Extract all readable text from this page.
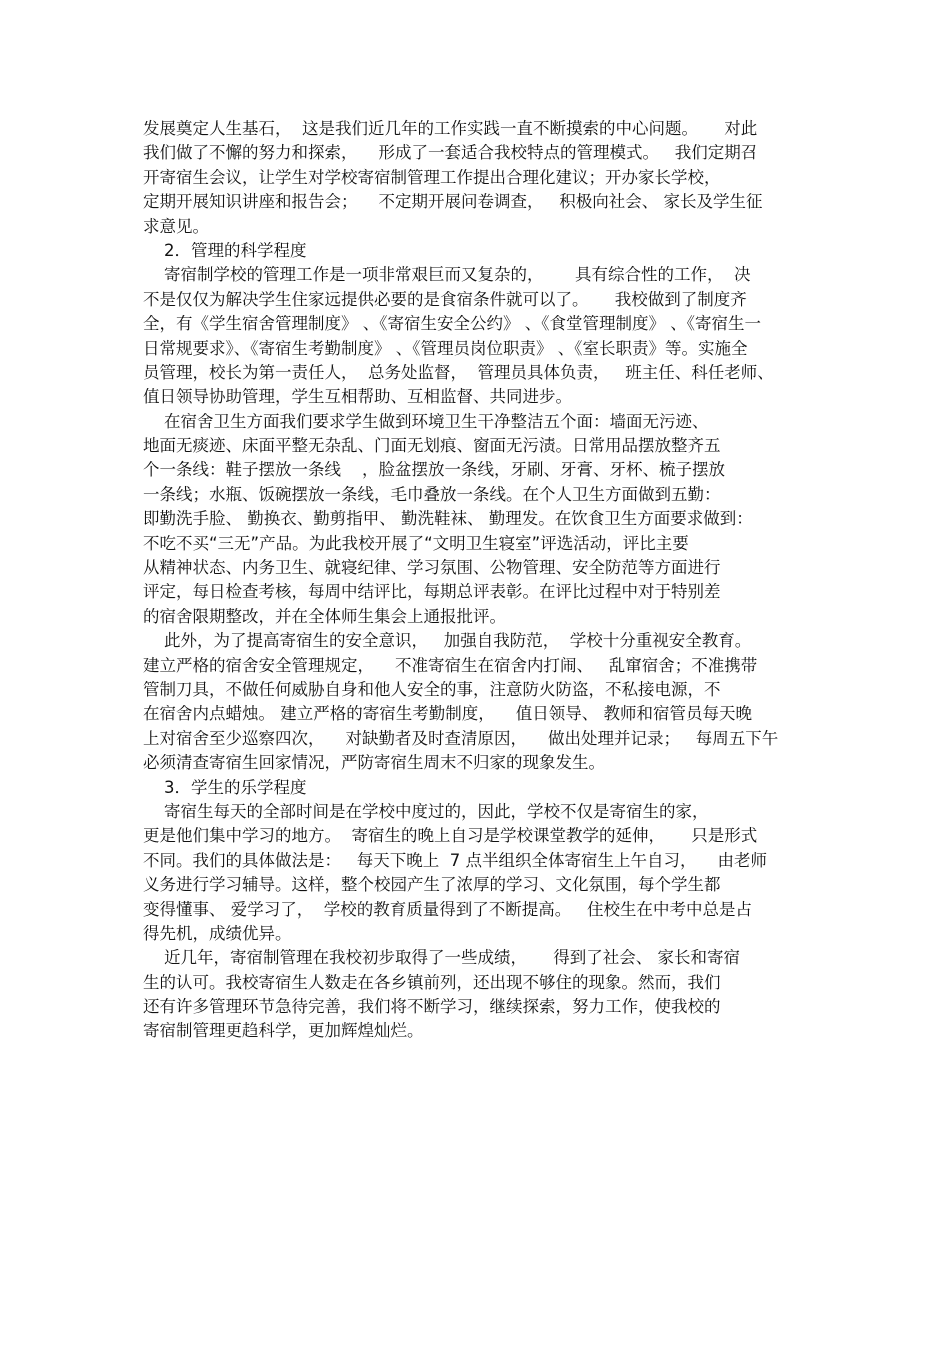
发展奠定人生基石，  这是我们近几年的工作实践一直不断摸索的中心问题。     对此
我们做了不懈的努力和探索，    形成了一套适合我校特点的管理模式。   我们定期召
开寄宿生会议，让学生对学校寄宿制管理工作提出合理化建议；开办家长学校，
定期开展知识讲座和报告会；    不定期开展问卷调查，   积极向社会、 家长及学生征
求意见。
2．管理的科学程度
寄宿制学校的管理工作是一项非常艰巨而又复杂的，      具有综合性的工作，  决
不是仅仅为解决学生住家远提供必要的是食宿条件就可以了。     我校做到了制度齐
全，有《学生宿舍管理制度》 、《寄宿生安全公约》 、《食堂管理制度》 、《寄宿生一
日常规要求》、《寄宿生考勤制度》 、《管理员岗位职责》 、《室长职责》等。实施全
员管理，校长为第一责任人，  总务处监督，  管理员具体负责，   班主任、科任老师、
值日领导协助管理，学生互相帮助、互相监督、共同进步。
在宿舍卫生方面我们要求学生做到环境卫生干净整洁五个面：墙面无污迹、
地面无痰迹、床面平整无杂乱、门面无划痕、窗面无污渍。日常用品摆放整齐五
个一条线：鞋子摆放一条线    ，脸盆摆放一条线，牙刷、牙膏、牙杯、梳子摆放
一条线；水瓶、饭碗摆放一条线，毛巾叠放一条线。在个人卫生方面做到五勤：
即勤洗手脸、 勤换衣、勤剪指甲、 勤洗鞋袜、 勤理发。在饮食卫生方面要求做到：
不吃不买“三无”产品。为此我校开展了“文明卫生寝室”评选活动，评比主要
从精神状态、内务卫生、就寝纪律、学习氛围、公物管理、安全防范等方面进行
评定，每日检查考核，每周中结评比，每期总评表彰。在评比过程中对于特别差
的宿舍限期整改，并在全体师生集会上通报批评。
此外，为了提高寄宿生的安全意识，   加强自我防范，  学校十分重视安全教育。
建立严格的宿舍安全管理规定，    不准寄宿生在宿舍内打闹、   乱窜宿舍；不准携带
管制刀具，不做任何威胁自身和他人安全的事，注意防火防盗，不私接电源，不
在宿舍内点蜡烛。 建立严格的寄宿生考勤制度，    值日领导、 教师和宿管员每天晚
上对宿舍至少巡察四次，    对缺勤者及时查清原因，    做出处理并记录；   每周五下午
必须清查寄宿生回家情况，严防寄宿生周末不归家的现象发生。
3．学生的乐学程度
寄宿生每天的全部时间是在学校中度过的，因此，学校不仅是寄宿生的家，
更是他们集中学习的地方。  寄宿生的晚上自习是学校课堂教学的延伸，     只是形式
不同。我们的具体做法是：   每天下晚上  7 点半组织全体寄宿生上午自习，    由老师
义务进行学习辅导。这样，整个校园产生了浓厚的学习、文化氛围，每个学生都
变得懂事、 爱学习了，  学校的教育质量得到了不断提高。   住校生在中考中总是占
得先机，成绩优异。
近几年，寄宿制管理在我校初步取得了一些成绩，     得到了社会、 家长和寄宿
生的认可。我校寄宿生人数走在各乡镇前列，还出现不够住的现象。然而，我们
还有许多管理环节急待完善，我们将不断学习，继续探索，努力工作，使我校的
寄宿制管理更趋科学，更加辉煌灿烂。
